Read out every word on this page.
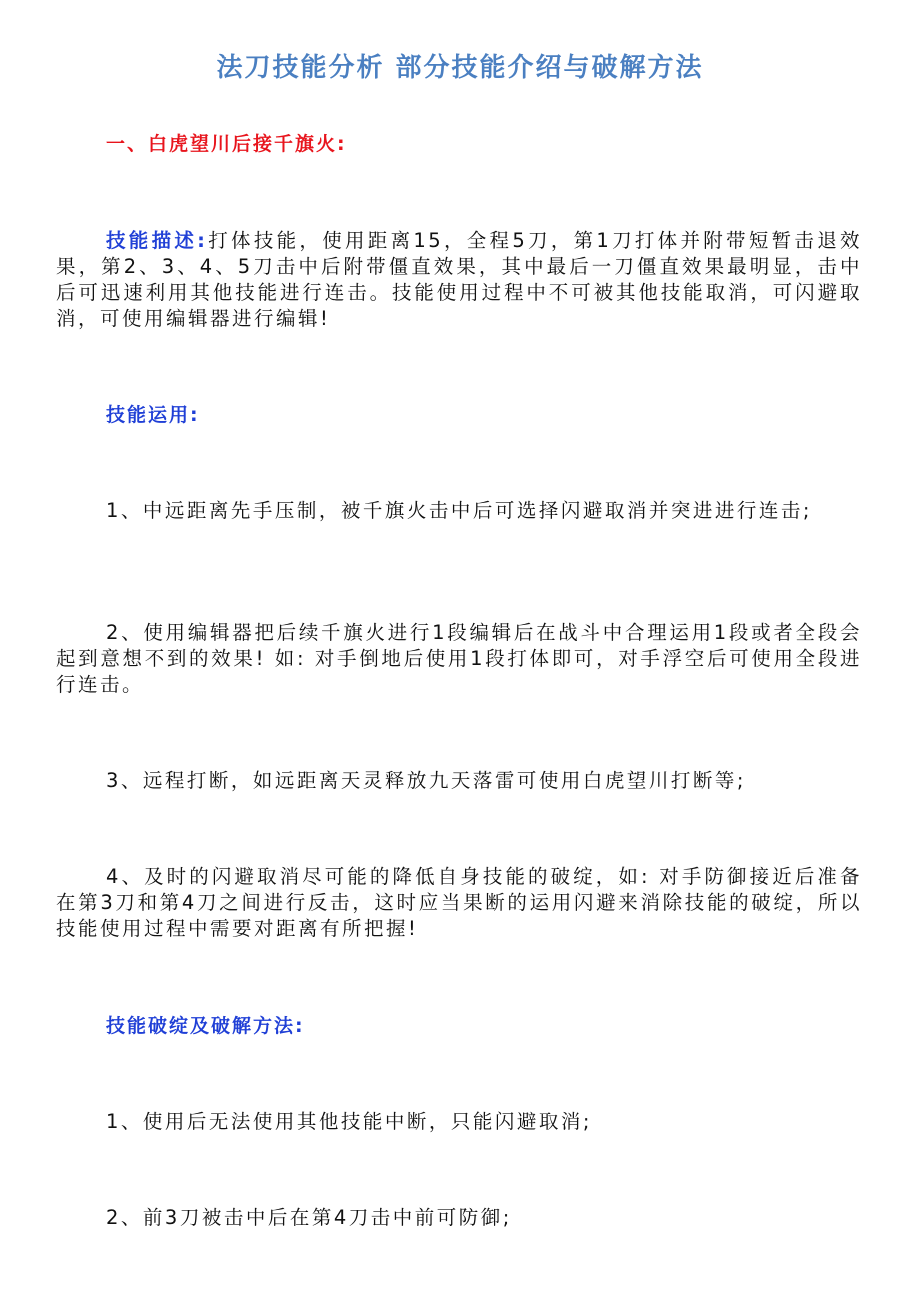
法刀技能分析 部分技能介绍与破解方法
一、白虎望川后接千旗火:
技能描述:打体技能，使用距离15，全程5刀，第1刀打体并附带短暂击退效果，第2、3、4、5刀击中后附带僵直效果，其中最后一刀僵直效果最明显，击中后可迅速利用其他技能进行连击。技能使用过程中不可被其他技能取消，可闪避取消，可使用编辑器进行编辑!
技能运用:
1、中远距离先手压制，被千旗火击中后可选择闪避取消并突进进行连击;
2、使用编辑器把后续千旗火进行1段编辑后在战斗中合理运用1段或者全段会起到意想不到的效果! 如: 对手倒地后使用1段打体即可，对手浮空后可使用全段进行连击。
3、远程打断，如远距离天灵释放九天落雷可使用白虎望川打断等;
4、及时的闪避取消尽可能的降低自身技能的破绽，如: 对手防御接近后准备在第3刀和第4刀之间进行反击，这时应当果断的运用闪避来消除技能的破绽，所以技能使用过程中需要对距离有所把握!
技能破绽及破解方法:
1、使用后无法使用其他技能中断，只能闪避取消;
2、前3刀被击中后在第4刀击中前可防御;
